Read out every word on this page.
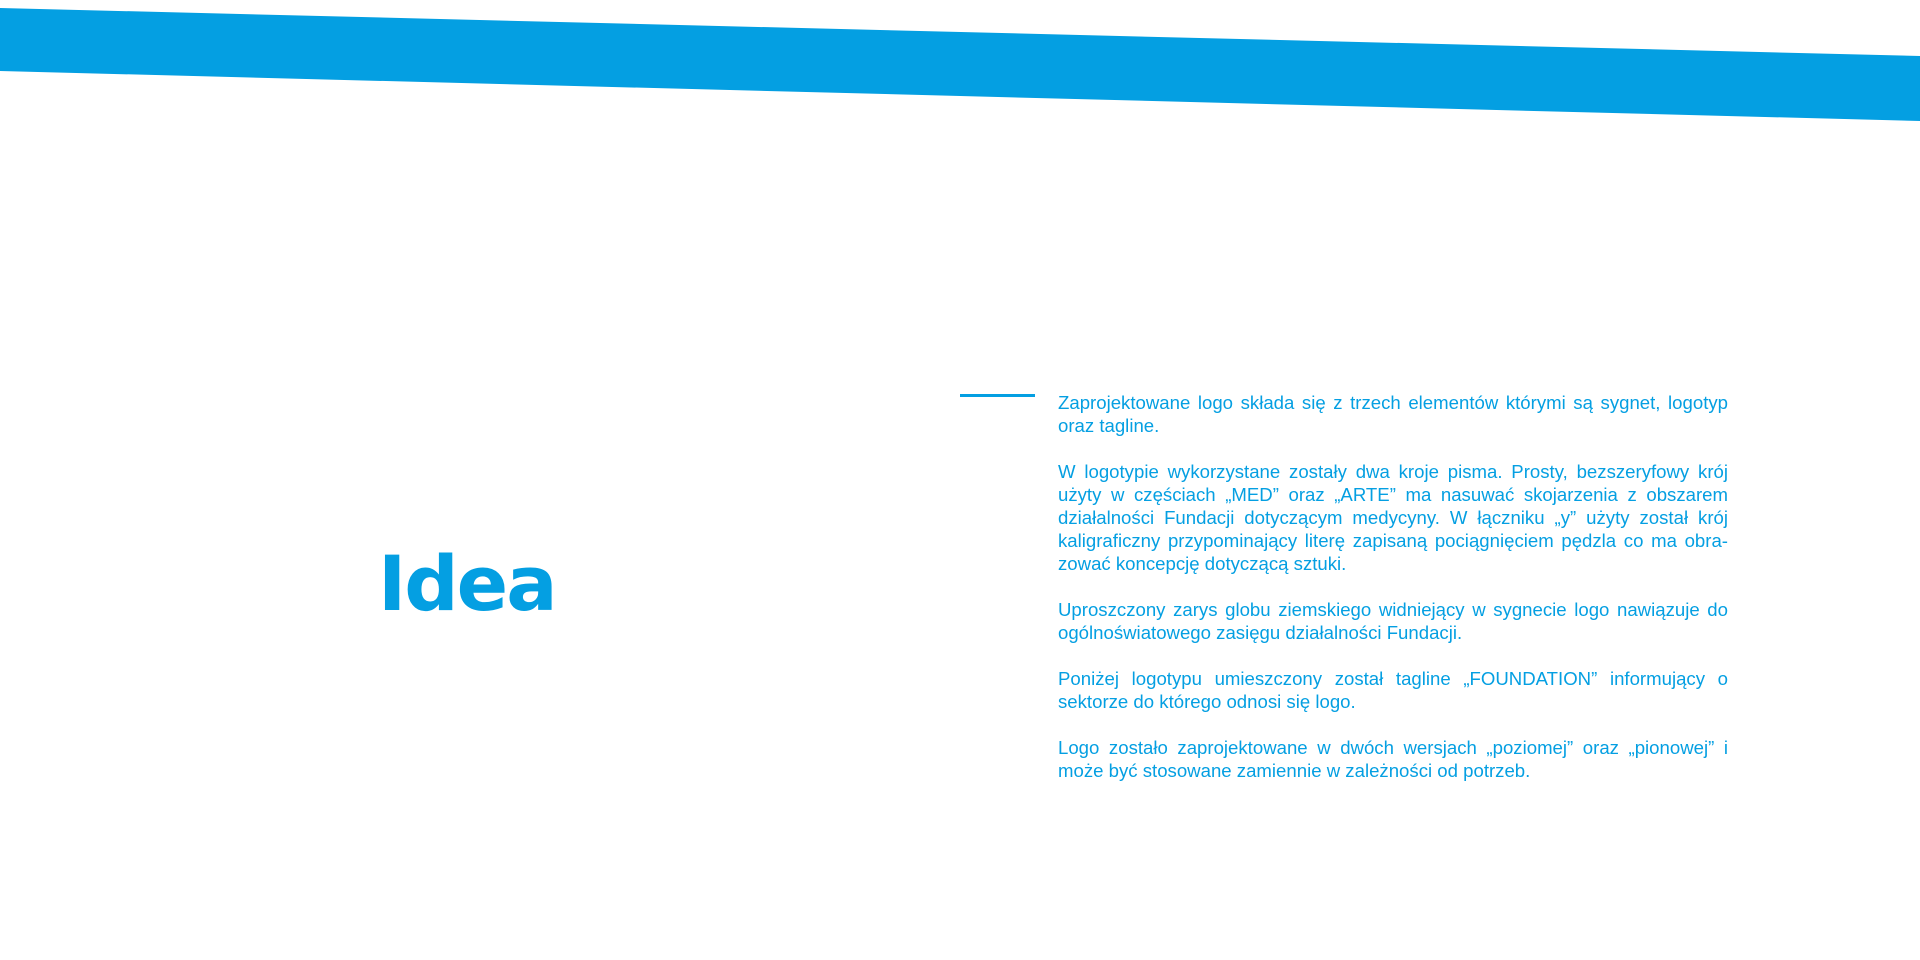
Idea

Zaprojektowane logo składa się z trzech elementów którymi są sygnet, logotyp oraz tagline.

W logotypie wykorzystane zostały dwa kroje pisma. Prosty, bezszeryfowy krój użyty w częściach „MED” oraz „ARTE” ma nasuwać skojarzenia z obszarem działalności Fundacji dotyczącym medycyny. W łączniku „y” użyty został krój kaligraficzny przypominający literę zapisaną pociągnięciem pędzla co ma obrazować koncepcję dotyczącą sztuki.

Uproszczony zarys globu ziemskiego widniejący w sygnecie logo nawiązuje do ogólnoświatowego zasięgu działalności Fundacji.

Poniżej logotypu umieszczony został tagline „FOUNDATION” informujący o sektorze do którego odnosi się logo.

Logo zostało zaprojektowane w dwóch wersjach „poziomej” oraz „pionowej” i może być stosowane zamiennie w zależności od potrzeb.
